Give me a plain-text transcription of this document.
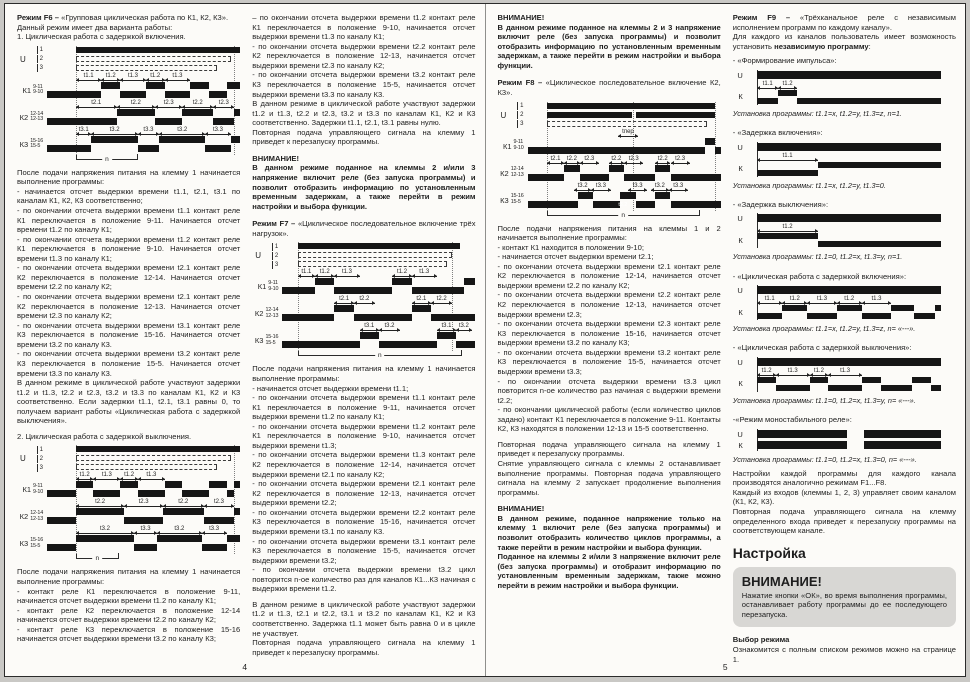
Режим F6 – «Групповая циклическая работа по К1, К2, К3».
Данный режим имеет два варианта работы:
1. Циклическая работа с задержкой включения.
1
U	2
3
t1.1	t1.2	t1.3	t1.2	t1.3
К1 9-11
9-10
t2.1	t2.2	t2.3	t2.2	t2.3
К2 12-14
12-13
t3.1	t3.2	t3.3	t3.2	t3.3
К3 15-16
15-5
n
После подачи напряжения питания на клемму 1 начинается выполнение программы:
- начинается отсчет выдержки времени t1.1, t2.1, t3.1 по каналам К1, К2, К3 соответственно;
- по окончании отсчета выдержки времени t1.1 контакт реле К1 переключается в положение 9-11. Начинается отсчет времени t1.2 по каналу К1;
- по окончании отсчета выдержки времени t1.2 контакт реле К1 переключается в положение 9-10. Начинается отсчет времени t1.3 по каналу К1;
- по окончании отсчета выдержки времени t2.1 контакт реле К2 переключается в положение 12-14. Начинается отсчет времени t2.2 по каналу К2;
- по окончании отсчета выдержки времени t2.1 контакт реле К2 переключается в положение 12-13. Начинается отсчет времени t2.3 по каналу К2;
- по окончании отсчета выдержки времени t3.1 контакт реле К3 переключается в положение 15-16. Начинается отсчет времени t3.2 по каналу К3.
- по окончании отсчета выдержки времени t3.2 контакт реле К3 переключается в положение 15-5. Начинается отсчет времени t3.3 по каналу К3.
В данном режиме в циклической работе участвуют задержки t1.2 и t1.3, t2.2 и t2.3, t3.2 и t3.3 по каналам К1, К2 и К3 соответственно. Если задержки t1.1, t2.1, t3.1 равны 0, то получаем вариант работы «Циклическая работа с задержкой выключения».
2. Циклическая работа с задержкой выключения.
1
U	2
3
t1.2	t1.3	t1.2	t1.3
К1 9-11
9-10
t2.2	t2.3	t2.2	t2.3
К2 12-14
12-13
t3.2	t3.3	t3.2	t3.3
К3 15-16
15-5
n
После подачи напряжения питания на клемму 1 начинается выполнение программы:
- контакт реле К1 переключается в положение 9-11, начинается отсчет выдержки времени t1.2 по каналу К1;
- контакт реле К2 переключается в положение 12-14 начинается отсчет выдержки времени t2.2 по каналу К2;
- контакт реле К3 переключается в положение 15-16 начинается отсчет выдержки времени t3.2 по каналу К3;
– по окончании отсчета выдержки времени t1.2 контакт реле К1 переключается в положение 9-10, начинается отсчет выдержки времени t1.3 по каналу К1;
- по окончании отсчета выдержки времени t2.2 контакт реле К2 переключается в положение 12-13, начинается отсчет выдержки времени t2.3 по каналу К2;
- по окончании отсчета выдержки времени t3.2 контакт реле К3 переключается в положение 15-5, начинается отсчет выдержки времени t3.3 по каналу К3.
В данном режиме в циклической работе участвуют задержки t1.2 и t1.3, t2.2 и t2.3, t3.2 и t3.3 по каналам К1, К2 и К3 соответственно. Задержки t1.1, t2.1, t3.1 равны нулю.
Повторная подача управляющего сигнала на клемму 1 приведет к перезапуску программы.
ВНИМАНИЕ!
В данном режиме поданное на клеммы 2 и/или 3 напряжение включит реле (без запуска программы) и позволит отобразить информацию по установленным временным задержкам, а также перейти в режим настройки и выбора функции.
Режим F7 – «Циклическое последовательное включение трёх нагрузок».
1
U	2
3
t1.1	t1.2	t1.3	t1.2	t1.3
К1 9-11
9-10
t2.1	t2.2	t2.1	t2.2
К2 12-14
12-13
t3.1	t3.2	t3.1	t3.2
К3 15-16
15-5
n
После подачи напряжения питания на клемму 1 начинается выполнение программы:
- начинается отсчет выдержки времени t1.1;
- по окончании отсчета выдержки времени t1.1 контакт реле К1 переключается в положение 9-11, начинается отсчет выдержки времени t1.2 по каналу К1;
- по окончании отсчета выдержки времени t1.2 контакт реле К1 переключается в положение 9-10, начинается отсчет выдержки времени t1.3;
- по окончании отсчета выдержки времени t1.3 контакт реле К2 переключается в положение 12-14, начинается отсчет выдержки времени t2.1 по каналу К2;
- по окончании отсчета выдержки времени t2.1 контакт реле К2 переключается в положение 12-13, начинается отсчет выдержки времени t2.2;
- по окончании отсчета выдержки времени t2.2 контакт реле К3 переключается в положение 15-16, начинается отсчет выдержки времени t3.1 по каналу К3.
- по окончании отсчета выдержки времени t3.1 контакт реле К3 переключается в положение 15-5, начинается отсчет выдержки времени t3.2;
- по окончании отсчета выдержки времени t3.2 цикл повторится n-ое количество раз для каналов К1...К3 начиная с выдержки времени t1.2.
В данном режиме в циклической работе участвуют задержки t1.2 и t1.3, t2.1 и t2.2, t3.1 и t3.2 по каналам К1, К2 и К3 соответственно. Задержка t1.1 может быть равна 0 и в цикле не участвует.
Повторная подача управляющего сигнала на клемму 1 приведет к перезапуску программы.
4
ВНИМАНИЕ!
В данном режиме поданное на клеммы 2 и 3 напряжение включит реле (без запуска программы) и позволит отобразить информацию по установленным временным задержкам, а также перейти в режим настройки и выбора функции.
Режим F8 – «Циклическое последовательное включение К2, К3».
1
U	2
3
tпер
К1 9-11
9-10
t2.1	t2.2	t2.3	t2.2	t2.3	t2.2	t2.3
К2 12-14
12-13
t3.2	t3.3	t3.3	t3.2	t3.3
К3 15-16
15-5	t3.2
n
После подачи напряжения питания на клеммы 1 и 2 начинается выполнение программы:
- контакт К1 находится в положении 9-10;
- начинается отсчет выдержки времени t2.1;
- по окончании отсчета выдержки времени t2.1 контакт реле К2 переключается в положение 12-14, начинается отсчет выдержки времени t2.2 по каналу К2;
- по окончании отсчета выдержки времени t2.2 контакт реле К2 переключается в положение 12-13, начинается отсчет выдержки времени t2.3;
- по окончании отсчета выдержки времени t2.3 контакт реле К3 переключается в положение 15-16, начинается отсчет выдержки времени t3.2 по каналу К3;
- по окончании отсчета выдержки времени t3.2 контакт реле К3 переключается в положение 15-5, начинается отсчет выдержки времени t3.3;
- по окончании отсчета выдержки времени t3.3 цикл повторится n-ое количество раз начиная с выдержки времени t2.2;
- по окончании циклической работы (если количество циклов задано) контакт К1 переключается в положение 9-11. Контакты К2, К3 находятся в положении 12-13 и 15-5 соответственно.
Повторная подача управляющего сигнала на клемму 1 приведет к перезапуску программы.
Снятие управляющего сигнала с клеммы 2 останавливает выполнение программы. Повторная подача управляющего сигнала на клемму 2 запускает продолжение выполнения программы.
ВНИМАНИЕ!
В данном режиме, поданное напряжение только на клемму 1 включит реле (без запуска программы) и позволит отобразить количество циклов программы, а также перейти в режим настройки и выбора функции.
Поданное на клеммы 2 и/или 3 напряжение включит реле (без запуска программы) и отобразит информацию по установленным временным задержкам, также можно перейти в режим настройки и выбора функции.
Режим F9 – «Трёхканальное реле с независимым исполнением программ по каждому каналу».
Для каждого из каналов пользователь имеет возможность установить независимую программу:
- «Формирование импульса»:
U
t1.1	t1.2
К
Установка программы: t1.1=x, t1.2=y, t1.3=z, n=1.
- «Задержка включения»:
U
t1.1
К
Установка программы: t1.1=x, t1.2=y, t1.3=0.
- «Задержка выключения»:
U
t1.2
К
Установка программы: t1.1=0, t1.2=x, t1.3=y, n=1.
- «Циклическая работа с задержкой включения»:
U
t1.1	t1.2	t1.3	t1.2	t1.3
К
Установка программы: t1.1=x, t1.2=y, t1.3=z, n= «---».
- «Циклическая работа с задержкой выключения»:
U
t1.2	t1.3	t1.2	t1.3
К
Установка программы: t1.1=0, t1.2=x, t1.3=y, n= «---».
-«Режим моностабильного реле»:
U
К
Установка программы: t1.1=0, t1.2=x, t1.3=0, n= «---».
Настройки каждой программы для каждого канала производятся аналогично режимам F1...F8.
Каждый из входов (клеммы 1, 2, 3) управляет своим каналом (К1, К2, К3).
Повторная подача управляющего сигнала на клемму определенного входа приведет к перезапуску программы на соответствующем канале.
Настройка
ВНИМАНИЕ!
Нажатие кнопки «ОК», во время выполнения программы, останавливает работу программы до ее последующего перезапуска.
Выбор режима
Ознакомится с полным списком режимов можно на странице 1.
5
